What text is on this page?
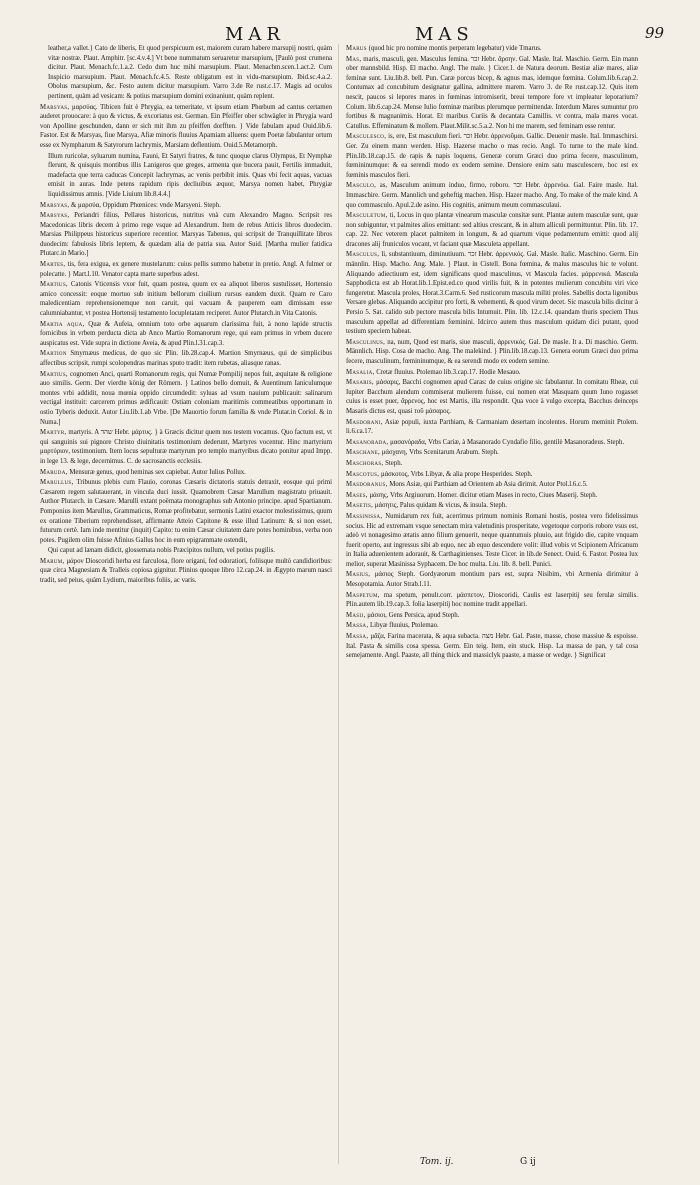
MAR	MAS	99
leather,a vallet.} Cato de liberis, Et quod perspicuum est, maiorem curam habere marsupij nostri, quàm vitæ nostræ. Plaut. Amphitr. [sc.4.v.4.] Vt bene nummatum seruaretur marsupium, [Paulò post crumena dicitur. Plaut. Menach.fc.1.a.2. Cedo dum huc mihi marsupium. Plaut. Menachm.scen.1.act.2. Cum Inspicio marsupium. Plaut. Menach.fc.4.5. Reste obligatum est in vidu-marsupium. Ibid.sc.4.a.2. Obolus marsupium, &c. Festo autem dicitur marsupium. Varro 3.de Re rust.c.17. Magis ad oculos pertinent, quàm ad vesicam: & potius marsupium domini exinaniunt, quàm replent.
Marsyas, μαρσύας. Tibicen fuit è Phrygia, ea temeritate, vt ipsum etiam Phœbum ad cantus certamen auderet prouocare: à quo & victus, & excoriatus est. German. Ein Pfeiffer ober schwägler in Phrygia ward von Apolline geschunden, dann er sich mit ihm zu pfeiffen dorfften. } Vide fabulam apud Ouid.lib.6. Fastor. Est & Marsyas, fiue Marsya, Afiæ minoris fluuius Apamiam alluens: quem Poetæ fabulantur ortum esse ex Nympharum & Satyrorum lachrymis, Marsiam deflentium. Ouid.5.Metamorph.
Illum ruricolæ, syluarum numina, Fauni, Et Satyri fratres, & tunc quoque clarus Olympus, Et Nymphæ flerunt, & quisquis montibus illis Lanigeros que greges, armenta que bucera pauit, Fertilis immaduit, madefacta que terra caducas Concepit lachrymas, ac venis perbibit imis. Quas vbi fecit aquas, vacuas emisit in auras. Inde petens rapidum ripis decliuibus æquor, Marsya nomen habet, Phrygiæ liquidissimus amnis. [Vide Liuium lib.8.4.4.]
Marsyas, & μαρσύα, Oppidum Phœnices: vnde Marsyeni. Steph.
Marsyas, Periandri filius, Pellæus historicus, nutritus vnà cum Alexandro Magno. Scripsit res Macedonicas libris decem à primo rege vsque ad Alexandrum. Item de rebus Atticis libros duodecim. Marsias Philippeus historicus superiore recentior. Marsyas Tabenus, qui scripsit de Tranquillitate libros duodecim: fabulosis libris leptem, & quædam alia de patria sua. Autor Suid. [Martha mulier fatidica Plutarc.in Mario.]
Martes, tis, fera exigua, ex genere mustelarum: cuius pellis summo habetur in pretio. Angl. A fulmer or polecatte. } Mart.l.10. Venator capta marte superbus adest.
Martius, Catonis Vticensis vxor fuit, quam postea, quum ex ea aliquot liberos sustulisset, Hortensio amico concessit: eoque mortuo sub initium bellorum ciuilium rursus eandem duxit. Quam re Caro maledicentiam reprehensionemque non caruit, qui vacuam & pauperem eam dimissam esse calumniabantur, vt postea Hortensij testamento locupletatam reciperet. Autor Plutarch.in Vita Catonis.
Martia aqua, Quæ & Aufeia, omnium toto orbe aquarum clarissima fuit, à nono lapide structis fornicibus in vrbem perducta dicta ab Anco Martio Romanorum rege, qui eam primus in vrbem ducere auspicatus est. Vide supra in dictione Aveia, & apud Plin.l.31.cap.3.
Martion Smyrnæus medicus, de quo sic Plin. lib.28.cap.4. Martion Smyrnæus, qui de simplicibus affectibus scripsit, rumpi scolopendras marinas sputo tradit: item rubetas, aliasque ranas.
Martius, cognomen Anci, quarti Romanorum regis, qui Numæ Pompilij nepos fuit, æquitate & religione auo similis. Germ. Der vierdte könig der Römern. } Latinos bello domuit, & Auentinum Ianiculumque montes vrbi addidit, noua mœnia oppido circumdedit: syluas ad vsum nauium publicauit: salinarum vectigal instituit: carcerem primus ædificauit: Ostiam coloniam maritimis commeatibus opportunam in ostio Tyberis deduxit. Autor Liu.lib.1.ab Vrbe. [De Mauortio forum familia & vnde Plutar.in Coriol. & in Numa.]
Martyr, martyris. A שהד Hebr. μάρτυς. } à Græcis dicitur quem nos testem vocamus. Quo factum est, vt qui sanguinis sui pignore Christo diuinitatis testimonium dederunt, Martyres vocentur. Hinc martyrium μαρτύριον, testimonium. Item locus sepulturæ martyrum pro templo martyribus dicato ponitur apud Impp. in lege 13. & lege, decernimus. C. de sacrosanctis ecclesiis.
Maruda, Mensuræ genus, quod heminas sex capiebat. Autor Iulius Pollux.
Marullus, Tribunus plebis cum Flauio, coronas Cæsaris dictatoris statuis detraxit, eosque qui primi Cæsarem regem salutauerant, in vincula duci iussit. Quamobrem Cæsar Marullum magistratu priuauit. Author Plutarch. in Cæsare. Marulli extant poëmata monographus sub Antonio principe. apud Spartianum. Pomponius item Marullus, Grammaticus, Romæ profitebatur, sermonis Latini exactor molestissimus, quum ex oratione Tiberium reprehendisset, affirmante Atteio Capitone & esse illud Latinum: & si non esset, futurum certè. Iam inde mentitur (inquit) Capito: tu enim Cæsar ciuitatem dare potes hominibus, verba non potes. Pugilem olim fuisse Afinius Gallus hoc in eum epigrammate ostendit,
Qui caput ad lænam didicit, glossemata nobis Præcipitos nullum, vel potius pugilis.
Marum, μάρον Dioscoridi herba est farculosa, flore origani, fed odoratiori, foliisque multò candidioribus: quæ circa Magnesiam & Tralleis copiosa gignitur. Plinius quoque libro 12.cap.24. in Ægypto marum nasci tradit, sed peius, quàm Lydium, maioribus foliis, ac varis.
Marus (quod hic pro nomine montis perperam legebatur) vide Tmarus.
Mas, maris, masculi, gen. Masculus femina. זכר Hebr. ἄρσην. Gal. Masle. Ital. Maschio. Germ. Ein mann ober mannsbild. Hisp. El macho. Angl. The male. } Cicer.1. de Natura deorum. Bestiæ aliæ mares, aliæ feminæ sunt. Liu.lib.8. bell. Pun. Caræ porcus bicep, & agnus mas, idemque fœmina. Colum.lib.6.cap.2. Contumax ad concubitum designatur gallina, admittere marem. Varro 3. de Re rust.cap.12. Quis item nescit, paucos si lepores mares in fœminas intromiserit, breui tempore fore vt impleatur leporarium? Colum. lib.6.cap.24. Mense Iulio fœminæ maribus plerumque permittendæ. Interdum Mares sumuntur pro fortibus & magnanimis. Horat. Et maribus Curiis & decantata Camillis. vt contra, mala mares vocat. Catullus. Effeminatum & mollem. Plaut.Milit.sc.5.a.2. Non hi me marem, sed feminam esse rentur.
Masculesco, is, ere, Est masculum fieri. זכר Hebr. ἀρρενοῦμαι. Gallic. Deuenir masle. Ital. Immaschirsi. Ger. Zu einem mann werden. Hisp. Hazerse macho o mas recio. Angl. To turne to the male kind. Plin.lib.18.cap.15. de rapis & napis loquens, Generæ corum Græci duo prima fecere, masculinum, fœmininumque: & ea serendi modo ex eodem semine. Densiore enim satu masculescere, hoc est ex fœminis masculos fieri.
Masculo, as, Masculum animum induo, firmo, roboro. זכר Hebr. ἀρρενόω. Gal. Faire masle. Ital. Immaschire. Germ. Mannlich und geheftig machen. Hisp. Hazer macho. Ang. To make of the male kind. A quo commasculo. Apul.2.de asino. His cognitis, animum meum commasculaui.
Masculetum, ti, Locus in quo plantæ vinearum masculæ consitæ sunt. Plantæ autem masculæ sunt, quæ non subiguntur, vt palmites alios emittant: sed altius crescant, & in altum alliculi permittuntur. Plin. lib. 17. cap. 22. Nec veterem placet palmitem in longum, & ad quartum vique pedamentum emitti: quod alij dracones alij fruniculos vocant, vt faciant quæ Masculeta appellant.
Masculus, li, substantiuum, diminutiuum. זכר Hebr. ἀρρενικός. Gal. Masle. Italic. Maschino. Germ. Ein männlin. Hisp. Macho. Ang. Male. } Plaut. in Cistell. Bona fœmina, & malus masculus hic te volunt. Aliquando adiectiuum est, idem significans quod masculinus, vt Mascula facies. μάρρενικά. Mascula Sapphodicta est ab Horat.lib.1.Epist.ed.co quod virilis fuit, & in potentes mulierum concubitu viri vice fungeretur. Mascula proles, Horat.3.Carm.6. Sed rusticorum mascula militi proles. Sabellis docta ligonibus Versare glebas. Aliquando accipitur pro forti, & vehementi, & quod virum decet. Sic mascula bilis dicitur à Persio 5. Sat. calido sub pectore mascula bilis Intumuit. Plin. lib. 12.c.14. quandam thuris speciem Thus masculum appellat ad differentiam fœminini. Idcirco autem thus masculum quidam dici putant, quod testium speciem habeat.
Masculinus, na, num, Quod est maris, siue masculi, ἀρρενικός. Gal. De masle. It a. Di maschio. Germ. Männlich. Hisp. Cosa de macho. Ang. The malekind. } Plin.lib.18.cap.13. Genera eorum Græci duo prima fecere, masculinum, fœmininumque, & ea serendi modo ex eodem semine.
Masalia, Cretæ fluuius. Ptolemao lib.3.cap.17. Hodie Mesauo.
Masaris, μάσαρις, Bacchi cognomen apud Caras: de cuius origine sic fabulantur. In comitatu Rheæ, cui Iupiter Bacchum alendum commiserat mulierem fuisse, cui nomen erat Masquam quum Iuno rogasset cuius is esset puer, ἄρρενος, hoc est Martis, illa respondit. Qua voce à vulgo excepta, Bacchus deinceps Masaris dictus est, quasi τοῦ μάσαρος.
Masdorani, Asiæ populi, iuxta Parthiam, & Carmaniam desertam incolentes. Horum meminit Ptolem. li.6.ca.17.
Masanorada, μασανόραδα, Vrbs Cariæ, à Masanorado Cyndafio filio, gentilè Masanoradeus. Steph.
Maschane, μάσχανη, Vrbs Scenitarum Arabum. Steph.
Maschoras, Steph.
Mascotus, μάσκοτος, Vrbs Libyæ, & alia prope Hesperides. Steph.
Masdoranus, Mons Asiæ, qui Parthiam ad Orientem ab Asia dirimit. Autor Ptol.l.6.c.5.
Mases, μάσης, Vrbs Argiuorum. Homer. dicitur etiam Mases in recto, Ciues Maserij. Steph.
Masetis, μάσητις, Palus quidam & vicus, & insula. Steph.
Massinissa, Numidarum rex fuit, acerrimus primum nominis Romani hostis, postea vero fidelissimus socius. Hic ad extremam vsque senectam mira valetudinis prosperitate, vegetoque corporis robore vsus est, adeò vt nonagesimo ætatis anno filium genuerit, neque quantumuis pluuio, aut frigido die, capite vnquam fuerit operto, aut ingressus sibi ab equo, nec ab equo descendere volit: illud vobis vt Scipionem Africanum in Italia aduenientem adorauit, & Carthaginienses. Teste Cicer. in lib.de Senect. Ouid. 6. Fastor. Postea lux melior, superat Masinissa Syphacem. De hoc multa. Liu. lib. 8. bell. Punici.
Masius, μάσιος Steph. Gordyæorum montium pars est, supra Nisibim, vbi Armenia dirimitur à Mesopotamia. Autor Strab.l.11.
Maspetum, ma spetum, penult.corr. μάσπετον, Dioscoridi, Caulis est laserpitij seu ferulæ similis. Plin.autem lib.19.cap.3. folia laserpitij hoc nomine tradit appellari.
Masij, μάσιοι, Gens Persica, apud Steph.
Massa, Libyæ fluuius, Ptolemao.
Massa, μᾶζα, Farina macerata, & aqua subacta. מצה Hebr. Gal. Paste, masse, chose massiue & espoisse. Ital. Pasta & similis cosa spessa. Germ. Ein teig. Item, ein stuck. Hisp. La massa de pan, y tal cosa semejamente. Angl. Paaste, all thing thick and massiclyk paaste, a masse or wedge. } Significat
Tom. ij.	G ij
